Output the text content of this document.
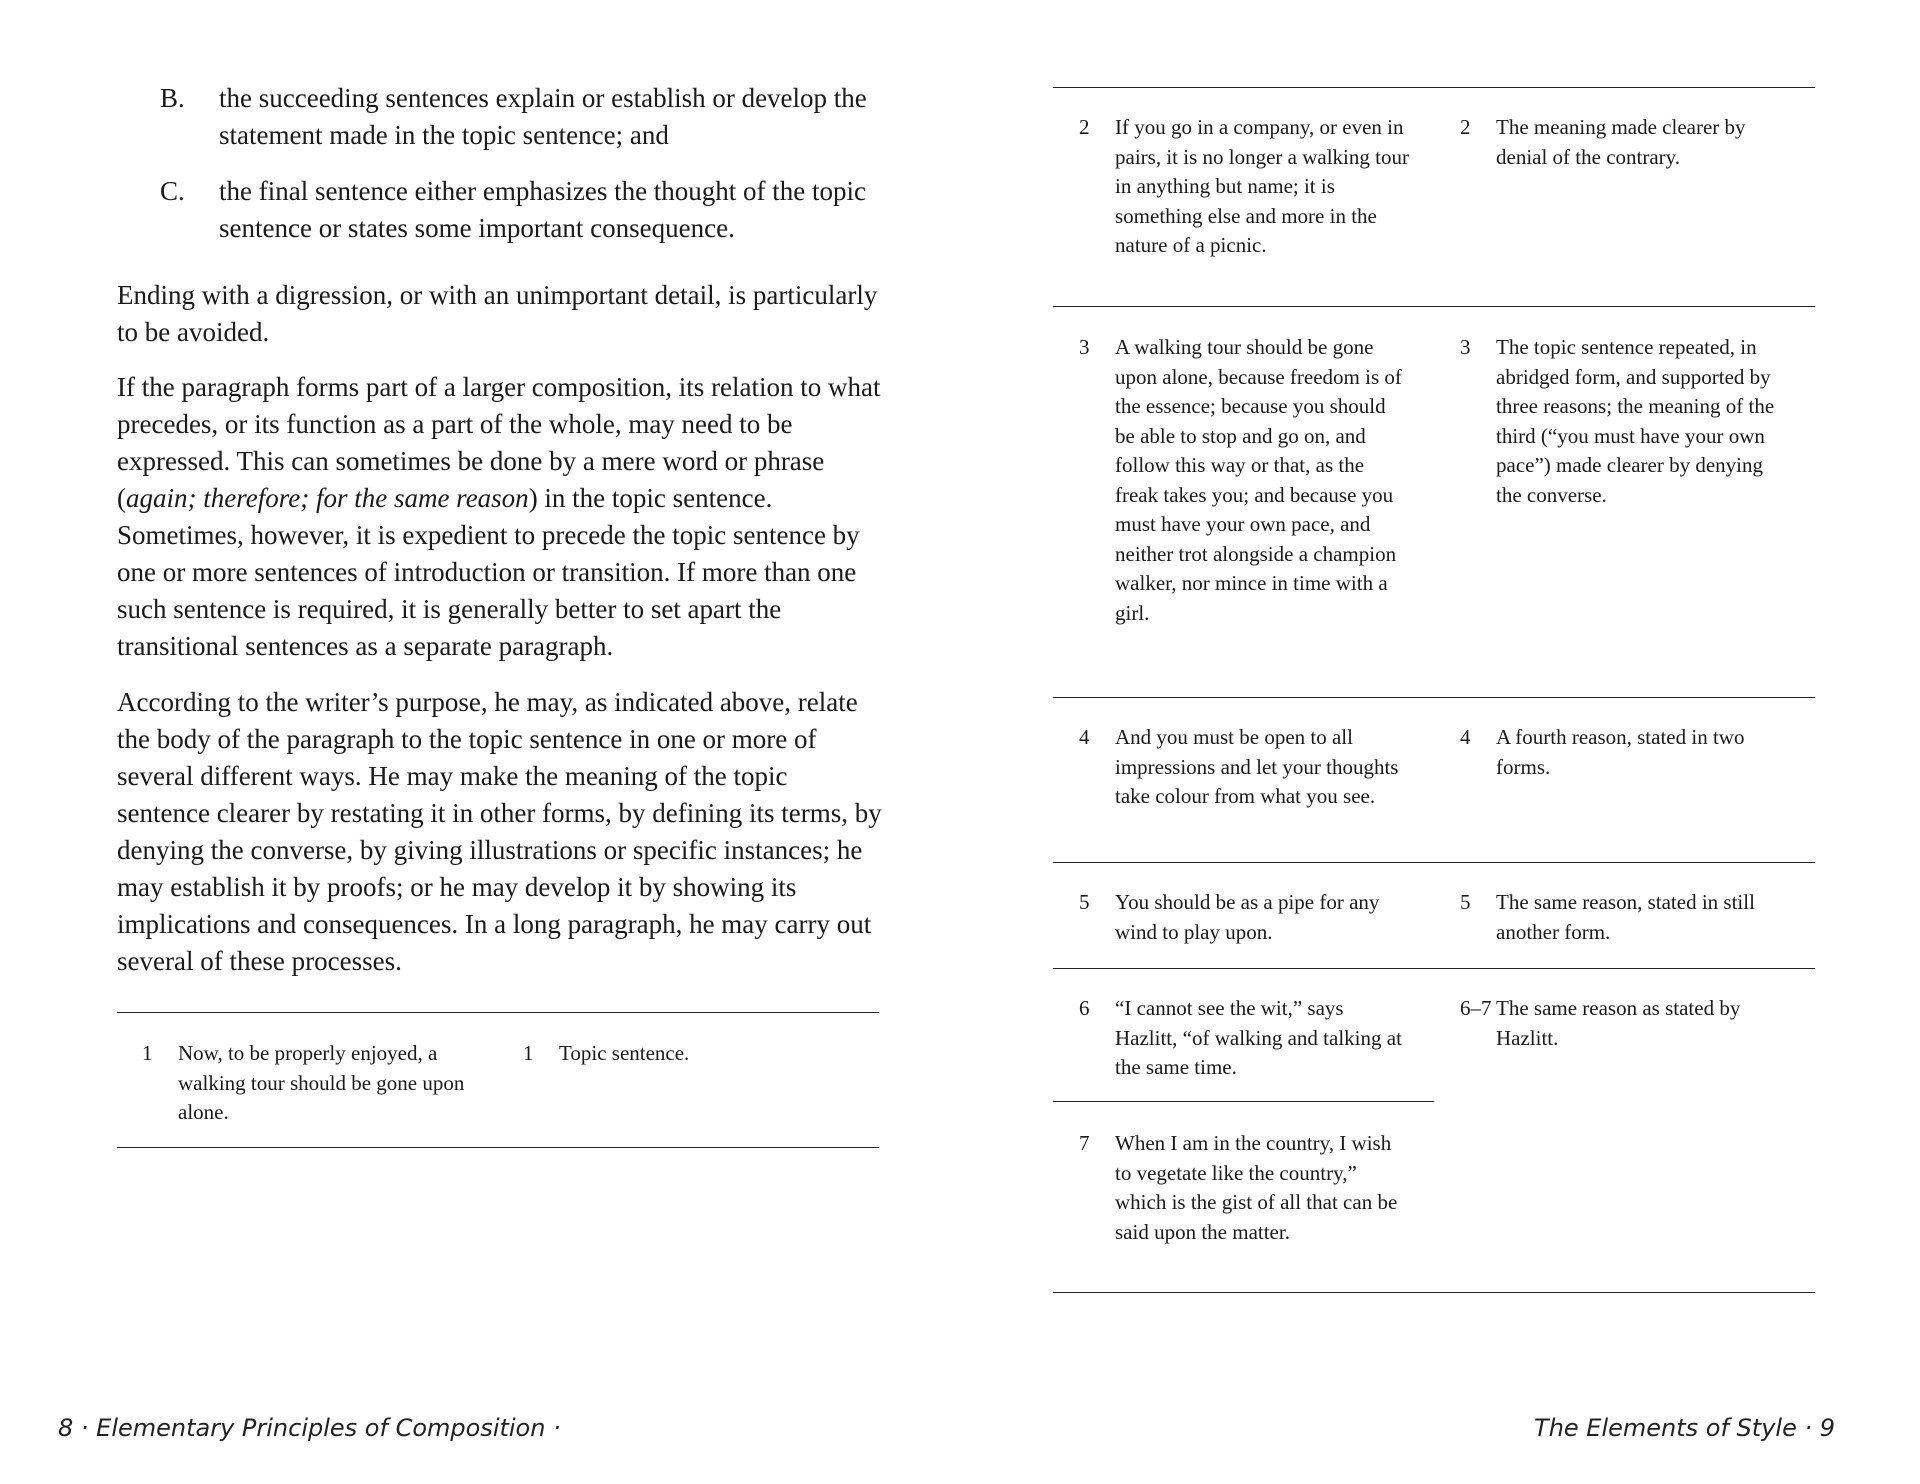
B. the succeeding sentences explain or establish or develop the statement made in the topic sentence; and
C. the final sentence either emphasizes the thought of the topic sentence or states some important consequence.

Ending with a digression, or with an unimportant detail, is particularly to be avoided.

If the paragraph forms part of a larger composition, its relation to what precedes, or its function as a part of the whole, may need to be expressed. This can sometimes be done by a mere word or phrase (again; therefore; for the same reason) in the topic sentence. Sometimes, however, it is expedient to precede the topic sentence by one or more sentences of introduction or transition. If more than one such sentence is required, it is generally better to set apart the transitional sentences as a separate paragraph.

According to the writer’s purpose, he may, as indicated above, relate the body of the paragraph to the topic sentence in one or more of several different ways. He may make the meaning of the topic sentence clearer by restating it in other forms, by defining its terms, by denying the converse, by giving illustrations or specific instances; he may establish it by proofs; or he may develop it by showing its implications and consequences. In a long paragraph, he may carry out several of these processes.

1 Now, to be properly enjoyed, a walking tour should be gone upon alone.
1 Topic sentence.
8 · Elementary Principles of Composition ·
2 If you go in a company, or even in pairs, it is no longer a walking tour in anything but name; it is something else and more in the nature of a picnic.
2 The meaning made clearer by denial of the contrary.
3 A walking tour should be gone upon alone, because freedom is of the essence; because you should be able to stop and go on, and follow this way or that, as the freak takes you; and because you must have your own pace, and neither trot alongside a champion walker, nor mince in time with a girl.
3 The topic sentence repeated, in abridged form, and supported by three reasons; the meaning of the third (“you must have your own pace”) made clearer by denying the converse.
4 And you must be open to all impressions and let your thoughts take colour from what you see.
4 A fourth reason, stated in two forms.
5 You should be as a pipe for any wind to play upon.
5 The same reason, stated in still another form.
6 “I cannot see the wit,” says Hazlitt, “of walking and talking at the same time.
6–7 The same reason as stated by Hazlitt.
7 When I am in the country, I wish to vegetate like the country,” which is the gist of all that can be said upon the matter.
The Elements of Style · 9
